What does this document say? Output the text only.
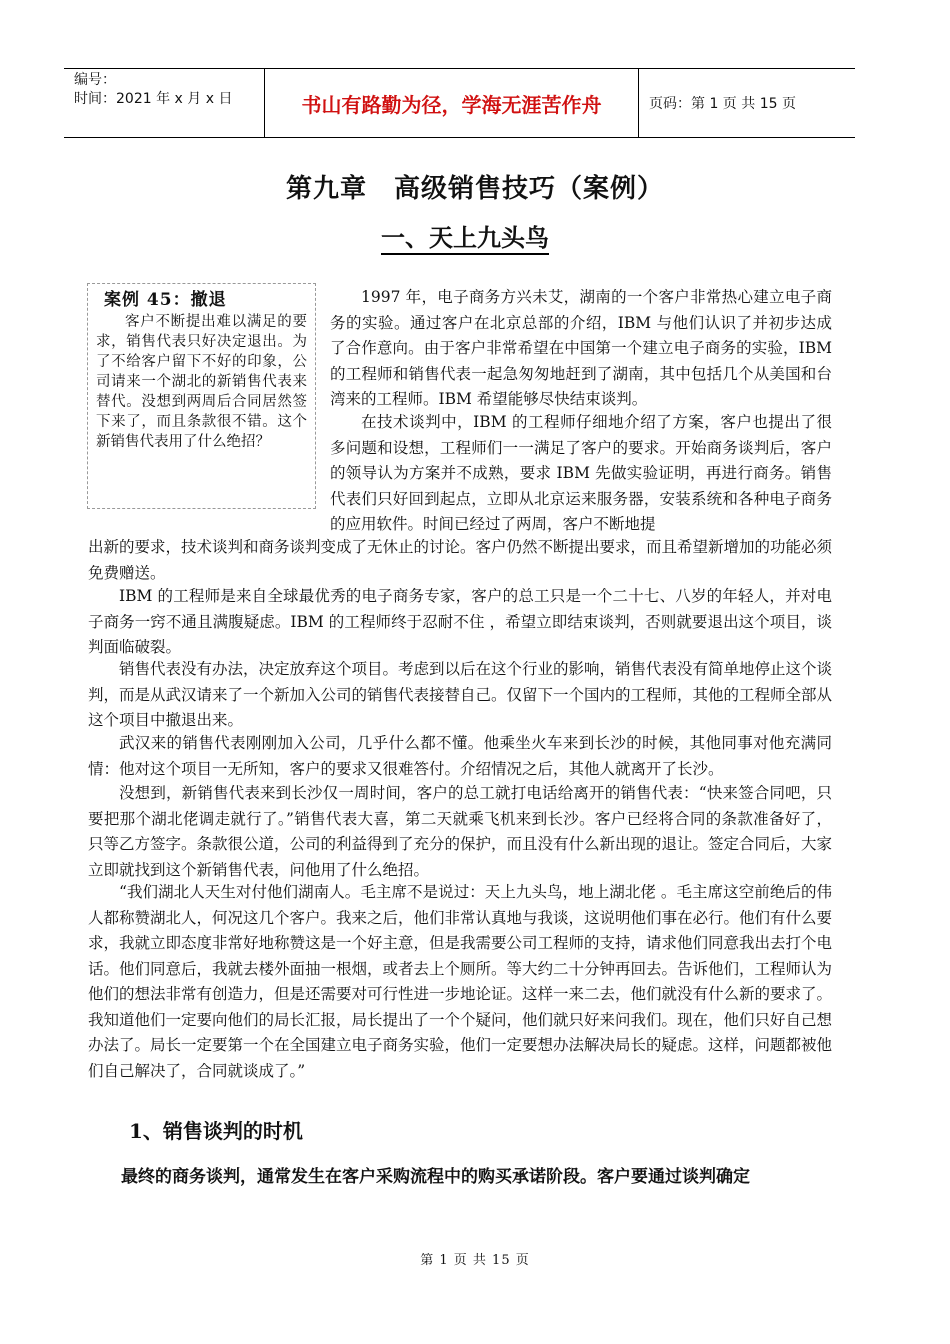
编号：
时间：2021 年 x 月 x 日	书山有路勤为径，学海无涯苦作舟	页码：第 1 页 共 15 页
第九章　高级销售技巧（案例）
一、天上九头鸟
案例 45：撤退
客户不断提出难以满足的要求，销售代表只好决定退出。为了不给客户留下不好的印象，公司请来一个湖北的新销售代表来替代。没想到两周后合同居然签下来了，而且条款很不错。这个新销售代表用了什么绝招？

1997 年，电子商务方兴未艾，湖南的一个客户非常热心建立电子商务的实验。通过客户在北京总部的介绍，IBM 与他们认识了并初步达成了合作意向。由于客户非常希望在中国第一个建立电子商务的实验，IBM 的工程师和销售代表一起急匆匆地赶到了湖南，其中包括几个从美国和台湾来的工程师。IBM 希望能够尽快结束谈判。

在技术谈判中，IBM 的工程师仔细地介绍了方案，客户也提出了很多问题和设想，工程师们一一满足了客户的要求。开始商务谈判后，客户的领导认为方案并不成熟，要求 IBM 先做实验证明，再进行商务。销售代表们只好回到起点，立即从北京运来服务器，安装系统和各种电子商务的应用软件。时间已经过了两周，客户不断地提

出新的要求，技术谈判和商务谈判变成了无休止的讨论。客户仍然不断提出要求，而且希望新增加的功能必须免费赠送。

IBM 的工程师是来自全球最优秀的电子商务专家，客户的总工只是一个二十七、八岁的年轻人，并对电子商务一窍不通且满腹疑虑。IBM 的工程师终于忍耐不住 ，希望立即结束谈判，否则就要退出这个项目，谈判面临破裂。

销售代表没有办法，决定放弃这个项目。考虑到以后在这个行业的影响，销售代表没有简单地停止这个谈判，而是从武汉请来了一个新加入公司的销售代表接替自己。仅留下一个国内的工程师，其他的工程师全部从这个项目中撤退出来。

武汉来的销售代表刚刚加入公司，几乎什么都不懂。他乘坐火车来到长沙的时候，其他同事对他充满同情：他对这个项目一无所知，客户的要求又很难答付。介绍情况之后，其他人就离开了长沙。

没想到，新销售代表来到长沙仅一周时间，客户的总工就打电话给离开的销售代表：“快来签合同吧，只要把那个湖北佬调走就行了。”销售代表大喜，第二天就乘飞机来到长沙。客户已经将合同的条款准备好了，只等乙方签字。条款很公道，公司的利益得到了充分的保护，而且没有什么新出现的退让。签定合同后，大家立即就找到这个新销售代表，问他用了什么绝招。

“我们湖北人天生对付他们湖南人。毛主席不是说过：天上九头鸟，地上湖北佬 。毛主席这空前绝后的伟人都称赞湖北人，何况这几个客户。我来之后，他们非常认真地与我谈，这说明他们事在必行。他们有什么要求，我就立即态度非常好地称赞这是一个好主意，但是我需要公司工程师的支持，请求他们同意我出去打个电话。他们同意后，我就去楼外面抽一根烟，或者去上个厕所。等大约二十分钟再回去。告诉他们，工程师认为他们的想法非常有创造力，但是还需要对可行性进一步地论证。这样一来二去，他们就没有什么新的要求了。我知道他们一定要向他们的局长汇报，局长提出了一个个疑问，他们就只好来问我们。现在，他们只好自己想办法了。局长一定要第一个在全国建立电子商务实验，他们一定要想办法解决局长的疑虑。这样，问题都被他们自己解决了，合同就谈成了。”

1、销售谈判的时机
最终的商务谈判，通常发生在客户采购流程中的购买承诺阶段。客户要通过谈判确定
第 1 页 共 15 页
